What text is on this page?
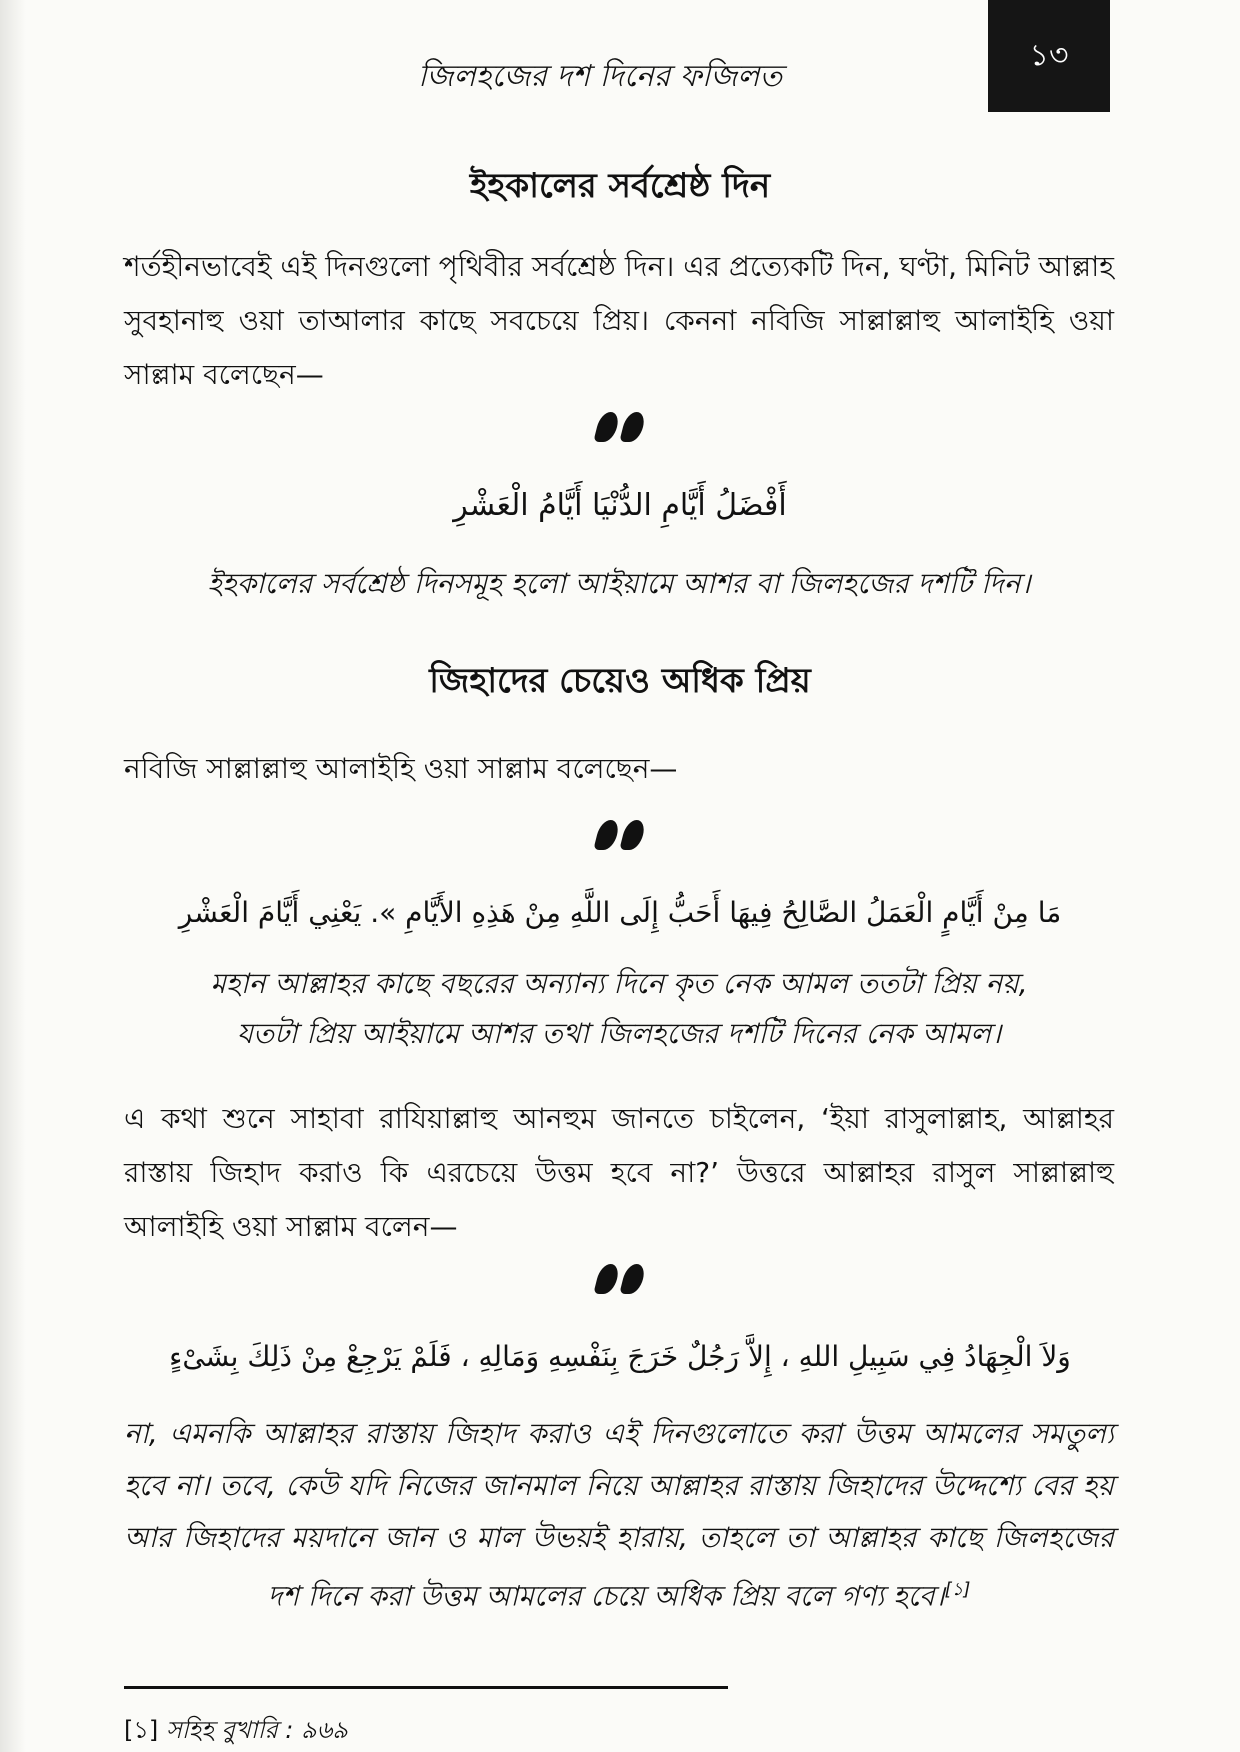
জিলহজের দশ দিনের ফজিলত
১৩
ইহকালের সর্বশ্রেষ্ঠ দিন

শর্তহীনভাবেই এই দিনগুলো পৃথিবীর সর্বশ্রেষ্ঠ দিন। এর প্রত্যেকটি দিন, ঘণ্টা, মিনিট আল্লাহ সুবহানাহু ওয়া তাআলার কাছে সবচেয়ে প্রিয়। কেননা নবিজি সাল্লাল্লাহু আলাইহি ওয়া সাল্লাম বলেছেন—

أَفْضَلُ أَيَّامِ الدُّنْيَا أَيَّامُ الْعَشْرِ

ইহকালের সর্বশ্রেষ্ঠ দিনসমূহ হলো আইয়ামে আশর বা জিলহজের দশটি দিন।

জিহাদের চেয়েও অধিক প্রিয়

নবিজি সাল্লাল্লাহু আলাইহি ওয়া সাল্লাম বলেছেন—

مَا مِنْ أَيَّامٍ الْعَمَلُ الصَّالِحُ فِيهَا أَحَبُّ إِلَى اللَّهِ مِنْ هَذِهِ الأَيَّامِ ». يَعْنِي أَيَّامَ الْعَشْرِ

মহান আল্লাহর কাছে বছরের অন্যান্য দিনে কৃত নেক আমল ততটা প্রিয় নয়,

যতটা প্রিয় আইয়ামে আশর তথা জিলহজের দশটি দিনের নেক আমল।

এ কথা শুনে সাহাবা রাযিয়াল্লাহু আনহুম জানতে চাইলেন, ‘ইয়া রাসুলাল্লাহ, আল্লাহর রাস্তায় জিহাদ করাও কি এরচেয়ে উত্তম হবে না?’ উত্তরে আল্লাহর রাসুল সাল্লাল্লাহু আলাইহি ওয়া সাল্লাম বলেন—

وَلاَ الْجِهَادُ فِي سَبِيلِ اللهِ ، إِلاَّ رَجُلٌ خَرَجَ بِنَفْسِهِ وَمَالِهِ ، فَلَمْ يَرْجِعْ مِنْ ذَلِكَ بِشَىْءٍ

না, এমনকি আল্লাহর রাস্তায় জিহাদ করাও এই দিনগুলোতে করা উত্তম আমলের সমতুল্য হবে না। তবে, কেউ যদি নিজের জানমাল নিয়ে আল্লাহর রাস্তায় জিহাদের উদ্দেশ্যে বের হয় আর জিহাদের ময়দানে জান ও মাল উভয়ই হারায়, তাহলে তা আল্লাহর কাছে জিলহজের দশ দিনে করা উত্তম আমলের চেয়ে অধিক প্রিয় বলে গণ্য হবে।[১]

[১] সহিহ বুখারি : ৯৬৯
